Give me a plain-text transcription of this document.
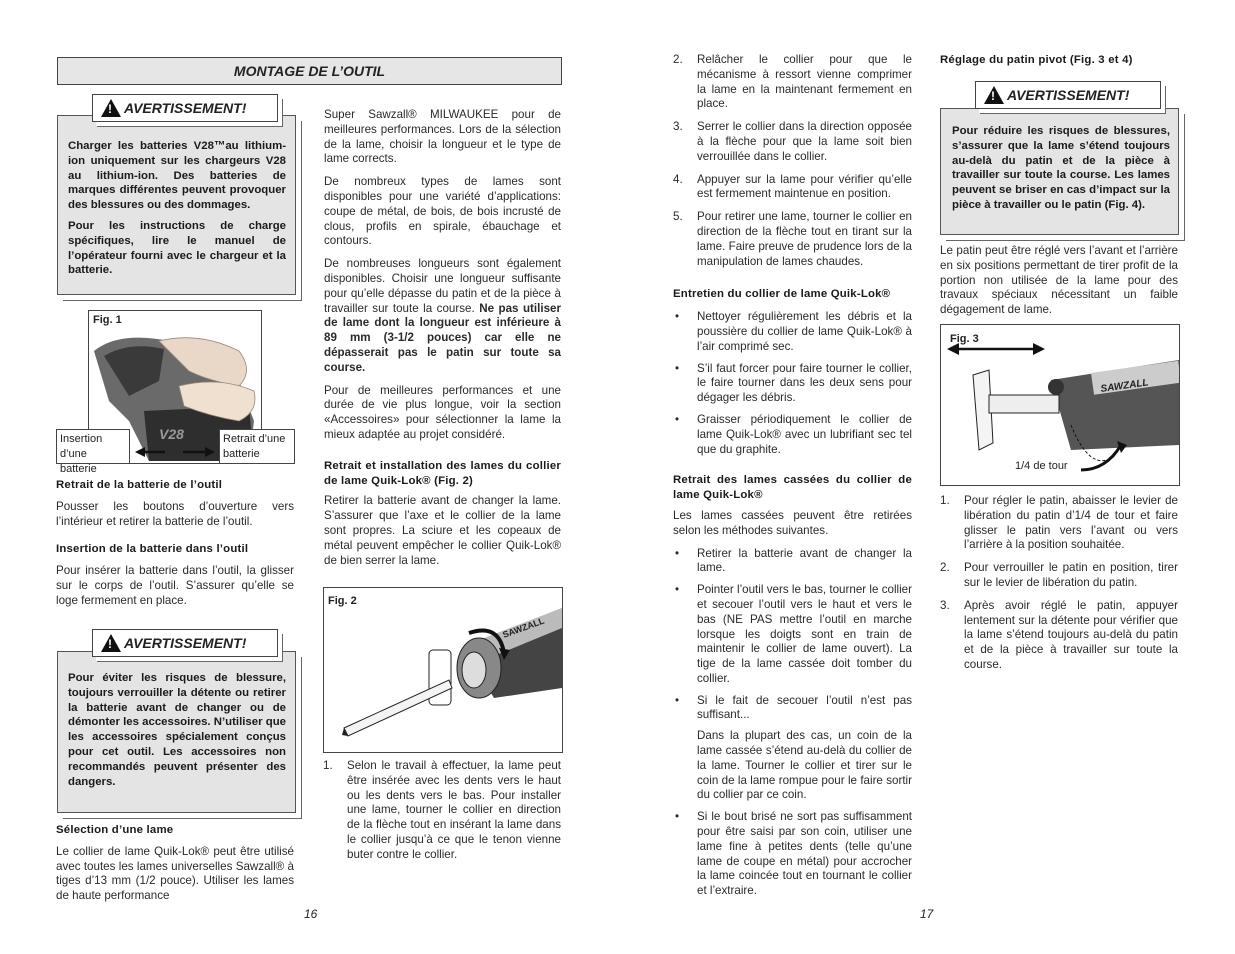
MONTAGE DE L’OUTIL
! AVERTISSEMENT!

Charger les batteries V28™au lithium-ion uniquement sur les chargeurs V28 au lithium-ion. Des batteries de marques différentes peuvent provoquer des blessures ou des dommages.

Pour les instructions de charge spécifiques, lire le manuel de l’opérateur fourni avec le chargeur et la batterie.

Fig. 1
V28
Insertion d’une batterie
Retrait d’une batterie

Retrait de la batterie de l’outil

Pousser les boutons d’ouverture vers l’intérieur et retirer la batterie de l’outil.

Insertion de la batterie dans l’outil

Pour insérer la batterie dans l’outil, la glisser sur le corps de l’outil. S’assurer qu’elle se loge fermement en place.

! AVERTISSEMENT!

Pour éviter les risques de blessure, toujours verrouiller la détente ou retirer la batterie avant de changer ou de démonter les accessoires. N’utiliser que les accessoires spécialement conçus pour cet outil. Les accessoires non recommandés peuvent présenter des dangers.

Sélection d’une lame

Le collier de lame Quik-Lok® peut être utilisé avec toutes les lames universelles Sawzall® à tiges d’13 mm (1/2 pouce). Utiliser les lames de haute performance

Super Sawzall® MILWAUKEE pour de meilleures performances. Lors de la sélection de la lame, choisir la longueur et le type de lame corrects.

De nombreux types de lames sont disponibles pour une variété d’applications: coupe de métal, de bois, de bois incrusté de clous, profils en spirale, ébauchage et contours.

De nombreuses longueurs sont également disponibles. Choisir une longueur suffisante pour qu’elle dépasse du patin et de la pièce à travailler sur toute la course. Ne pas utiliser de lame dont la longueur est inférieure à 89 mm (3-1/2 pouces) car elle ne dépasserait pas le patin sur toute sa course.

Pour de meilleures performances et une durée de vie plus longue, voir la section «Accessoires» pour sélectionner la lame la mieux adaptée au projet considéré.

Retrait et installation des lames du collier de lame Quik-Lok® (Fig. 2)

Retirer la batterie avant de changer la lame. S’assurer que l’axe et le collier de la lame sont propres. La sciure et les copeaux de métal peuvent empêcher le collier Quik-Lok® de bien serrer la lame.

Fig. 2
SAWZALL
1. Selon le travail à effectuer, la lame peut être insérée avec les dents vers le haut ou les dents vers le bas. Pour installer une lame, tourner le collier en direction de la flèche tout en insérant la lame dans le collier jusqu’à ce que le tenon vienne buter contre le collier.
16
2. Relâcher le collier pour que le mécanisme à ressort vienne comprimer la lame en la maintenant fermement en place.
3. Serrer le collier dans la direction opposée à la flèche pour que la lame soit bien verrouillée dans le collier.
4. Appuyer sur la lame pour vérifier qu’elle est fermement maintenue en position.
5. Pour retirer une lame, tourner le collier en direction de la flèche tout en tirant sur la lame. Faire preuve de prudence lors de la manipulation de lames chaudes.

Entretien du collier de lame Quik-Lok®

• Nettoyer régulièrement les débris et la poussière du collier de lame Quik-Lok® à l’air comprimé sec.
• S’il faut forcer pour faire tourner le collier, le faire tourner dans les deux sens pour dégager les débris.
• Graisser périodiquement le collier de lame Quik-Lok® avec un lubrifiant sec tel que du graphite.

Retrait des lames cassées du collier de lame Quik-Lok®

Les lames cassées peuvent être retirées selon les méthodes suivantes.

• Retirer la batterie avant de changer la lame.
• Pointer l’outil vers le bas, tourner le collier et secouer l’outil vers le haut et vers le bas (NE PAS mettre l’outil en marche lorsque les doigts sont en train de maintenir le collier de lame ouvert). La tige de la lame cassée doit tomber du collier.
• Si le fait de secouer l’outil n’est pas suffisant...
Dans la plupart des cas, un coin de la lame cassée s’étend au-delà du collier de la lame. Tourner le collier et tirer sur le coin de la lame rompue pour le faire sortir du collier par ce coin.
• Si le bout brisé ne sort pas suffisamment pour être saisi par son coin, utiliser une lame fine à petites dents (telle qu’une lame de coupe en métal) pour accrocher la lame coincée tout en tournant le collier et l’extraire.
Réglage du patin pivot (Fig. 3 et 4)
! AVERTISSEMENT!

Pour réduire les risques de blessures, s’assurer que la lame s’étend toujours au-delà du patin et de la pièce à travailler sur toute la course. Les lames peuvent se briser en cas d’impact sur la pièce à travailler ou le patin (Fig. 4).

Le patin peut être réglé vers l’avant et l’arrière en six positions permettant de tirer profit de la portion non utilisée de la lame pour des travaux spéciaux nécessitant un faible dégagement de lame.

Fig. 3
SAWZALL
1/4 de tour
1. Pour régler le patin, abaisser le levier de libération du patin d’1/4 de tour et faire glisser le patin vers l’avant ou vers l’arrière à la position souhaitée.
2. Pour verrouiller le patin en position, tirer sur le levier de libération du patin.
3. Après avoir réglé le patin, appuyer lentement sur la détente pour vérifier que la lame s’étend toujours au-delà du patin et de la pièce à travailler sur toute la course.
17
